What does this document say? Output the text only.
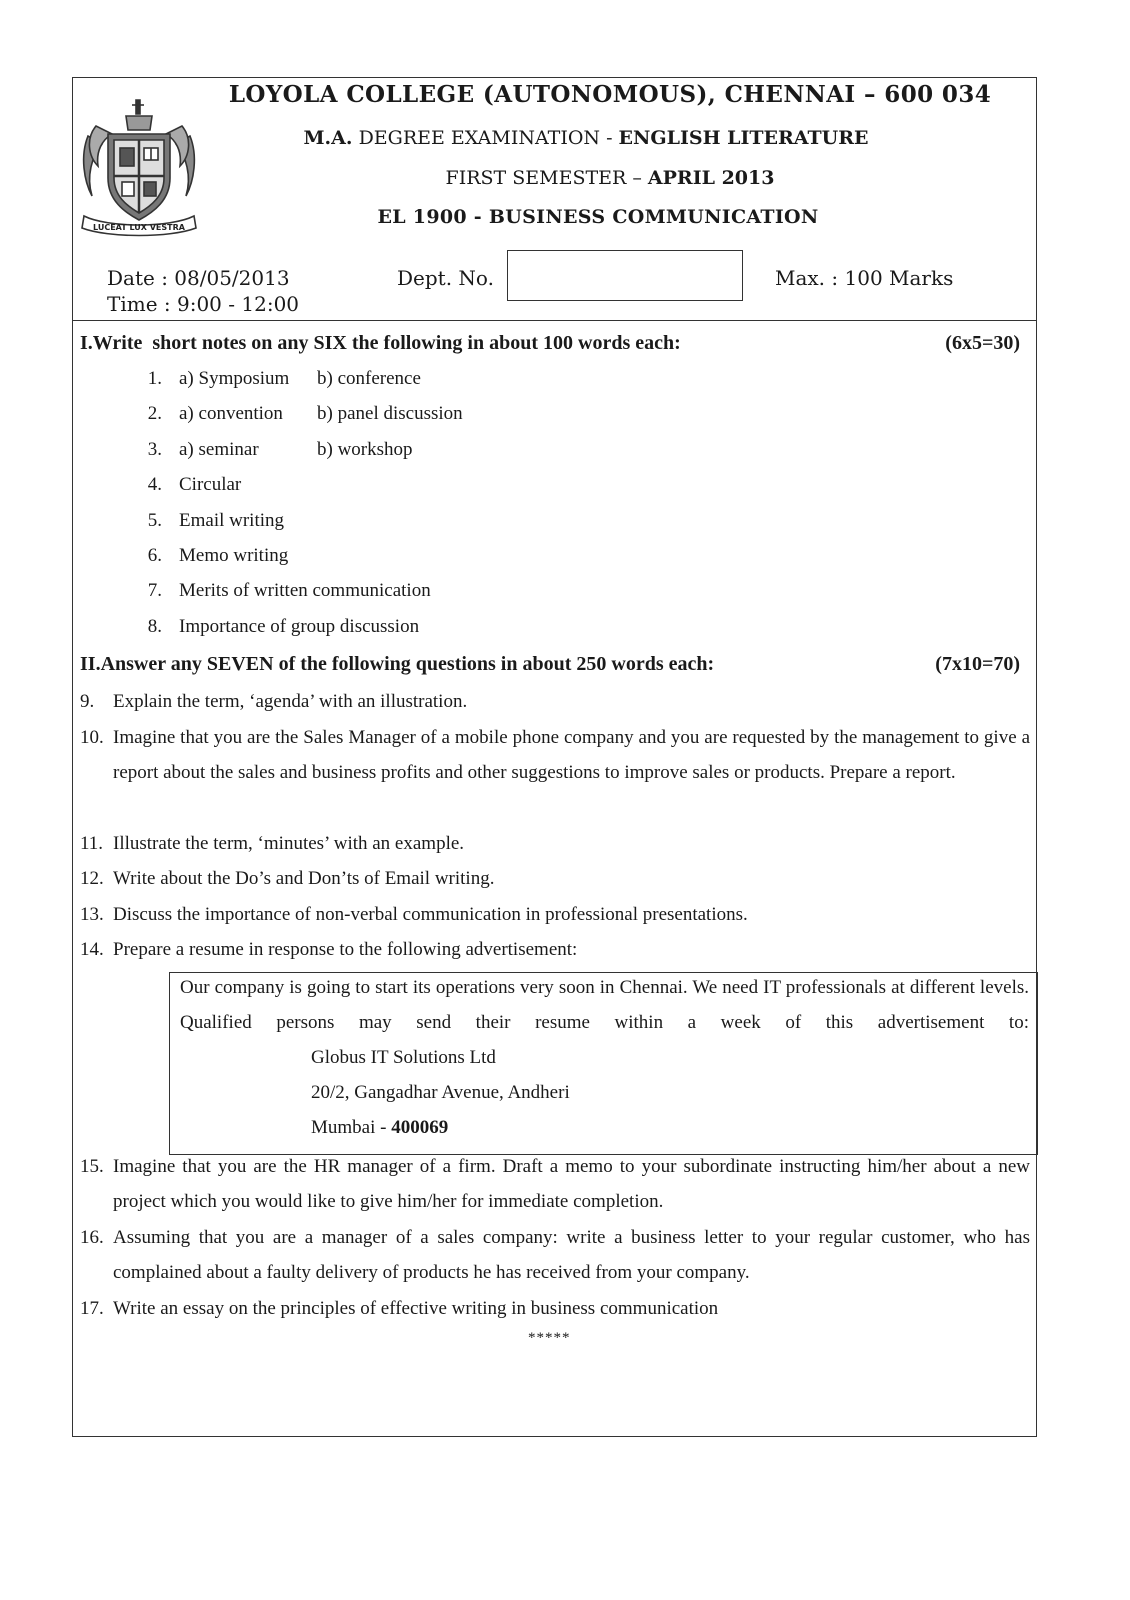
LUCEAT LUX VESTRA
LOYOLA COLLEGE (AUTONOMOUS), CHENNAI – 600 034
M.A. DEGREE EXAMINATION - ENGLISH LITERATURE
FIRST SEMESTER – APRIL 2013
EL 1900 - BUSINESS COMMUNICATION
Date : 08/05/2013
Time : 9:00 - 12:00
Dept. No.	Max. : 100 Marks
I.Write  short notes on any SIX the following in about 100 words each:	(6x5=30)
1. a) Symposium b) conference
2. a) convention b) panel discussion
3. a) seminar	b) workshop
4. Circular
5. Email writing
6. Memo writing
7. Merits of written communication
8. Importance of group discussion
II.Answer any SEVEN of the following questions in about 250 words each:	(7x10=70)
9. Explain the term, ‘agenda’ with an illustration.
10. Imagine that you are the Sales Manager of a mobile phone company and you are requested by the management to give a report about the sales and business profits and other suggestions to improve sales or products. Prepare a report.
11. Illustrate the term, ‘minutes’ with an example.
12. Write about the Do’s and Don’ts of Email writing.
13. Discuss the importance of non-verbal communication in professional presentations.
14. Prepare a resume in response to the following advertisement:
Our company is going to start its operations very soon in Chennai. We need IT professionals at different levels. Qualified persons may send their resume within a week of this advertisement to:
Globus IT Solutions Ltd
20/2, Gangadhar Avenue, Andheri
Mumbai - 400069
15. Imagine that you are the HR manager of a firm. Draft a memo to your subordinate instructing him/her about a new project which you would like to give him/her for immediate completion.
16. Assuming that you are a manager of a sales company: write a business letter to your regular customer, who has complained about a faulty delivery of products he has received from your company.
17. Write an essay on the principles of effective writing in business communication
*****
